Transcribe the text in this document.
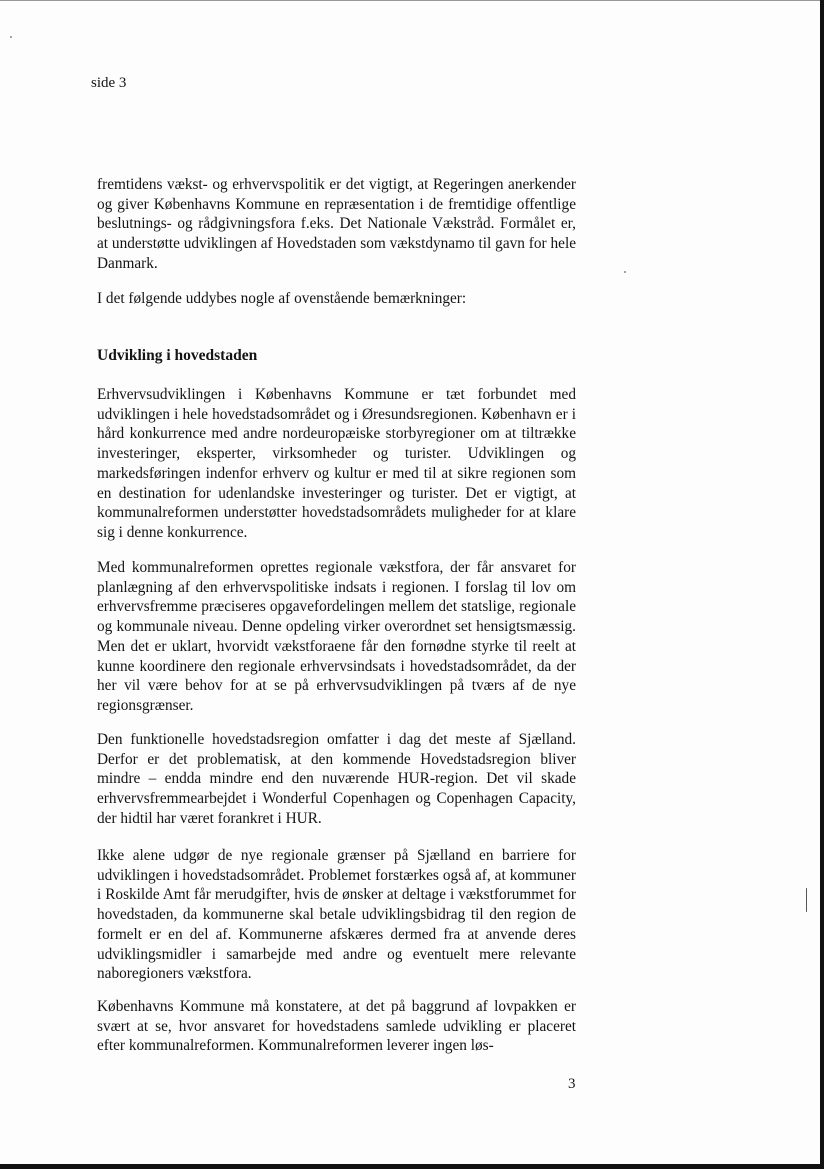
side 3

fremtidens vækst- og erhvervspolitik er det vigtigt, at Regeringen anerkender og giver Københavns Kommune en repræsentation i de fremtidige offentlige beslutnings- og rådgivningsfora f.eks. Det Nationale Vækstråd. Formålet er, at understøtte udviklingen af Hovedstaden som vækstdynamo til gavn for hele Danmark.

I det følgende uddybes nogle af ovenstående bemærkninger:

Udvikling i hovedstaden

Erhvervsudviklingen i Københavns Kommune er tæt forbundet med udviklingen i hele hovedstadsområdet og i Øresundsregionen. København er i hård konkurrence med andre nordeuropæiske storbyregioner om at tiltrække investeringer, eksperter, virksomheder og turister. Udviklingen og markedsføringen indenfor erhverv og kultur er med til at sikre regionen som en destination for udenlandske investeringer og turister. Det er vigtigt, at kommunalreformen understøtter hovedstadsområdets muligheder for at klare sig i denne konkurrence.

Med kommunalreformen oprettes regionale vækstfora, der får ansvaret for planlægning af den erhvervspolitiske indsats i regionen. I forslag til lov om erhvervsfremme præciseres opgavefordelingen mellem det statslige, regionale og kommunale niveau. Denne opdeling virker overordnet set hensigtsmæssig. Men det er uklart, hvorvidt vækstforaene får den fornødne styrke til reelt at kunne koordinere den regionale erhvervsindsats i hovedstadsområdet, da der her vil være behov for at se på erhvervsudviklingen på tværs af de nye regionsgrænser.

Den funktionelle hovedstadsregion omfatter i dag det meste af Sjælland. Derfor er det problematisk, at den kommende Hovedstadsregion bliver mindre – endda mindre end den nuværende HUR-region. Det vil skade erhvervsfremmearbejdet i Wonderful Copenhagen og Copenhagen Capacity, der hidtil har været forankret i HUR.

Ikke alene udgør de nye regionale grænser på Sjælland en barriere for udviklingen i hovedstadsområdet. Problemet forstærkes også af, at kommuner i Roskilde Amt får merudgifter, hvis de ønsker at deltage i vækstforummet for hovedstaden, da kommunerne skal betale udviklingsbidrag til den region de formelt er en del af. Kommunerne afskæres dermed fra at anvende deres udviklingsmidler i samarbejde med andre og eventuelt mere relevante naboregioners vækstfora.

Københavns Kommune må konstatere, at det på baggrund af lovpakken er svært at se, hvor ansvaret for hovedstadens samlede udvikling er placeret efter kommunalreformen. Kommunalreformen leverer ingen løs-

3
